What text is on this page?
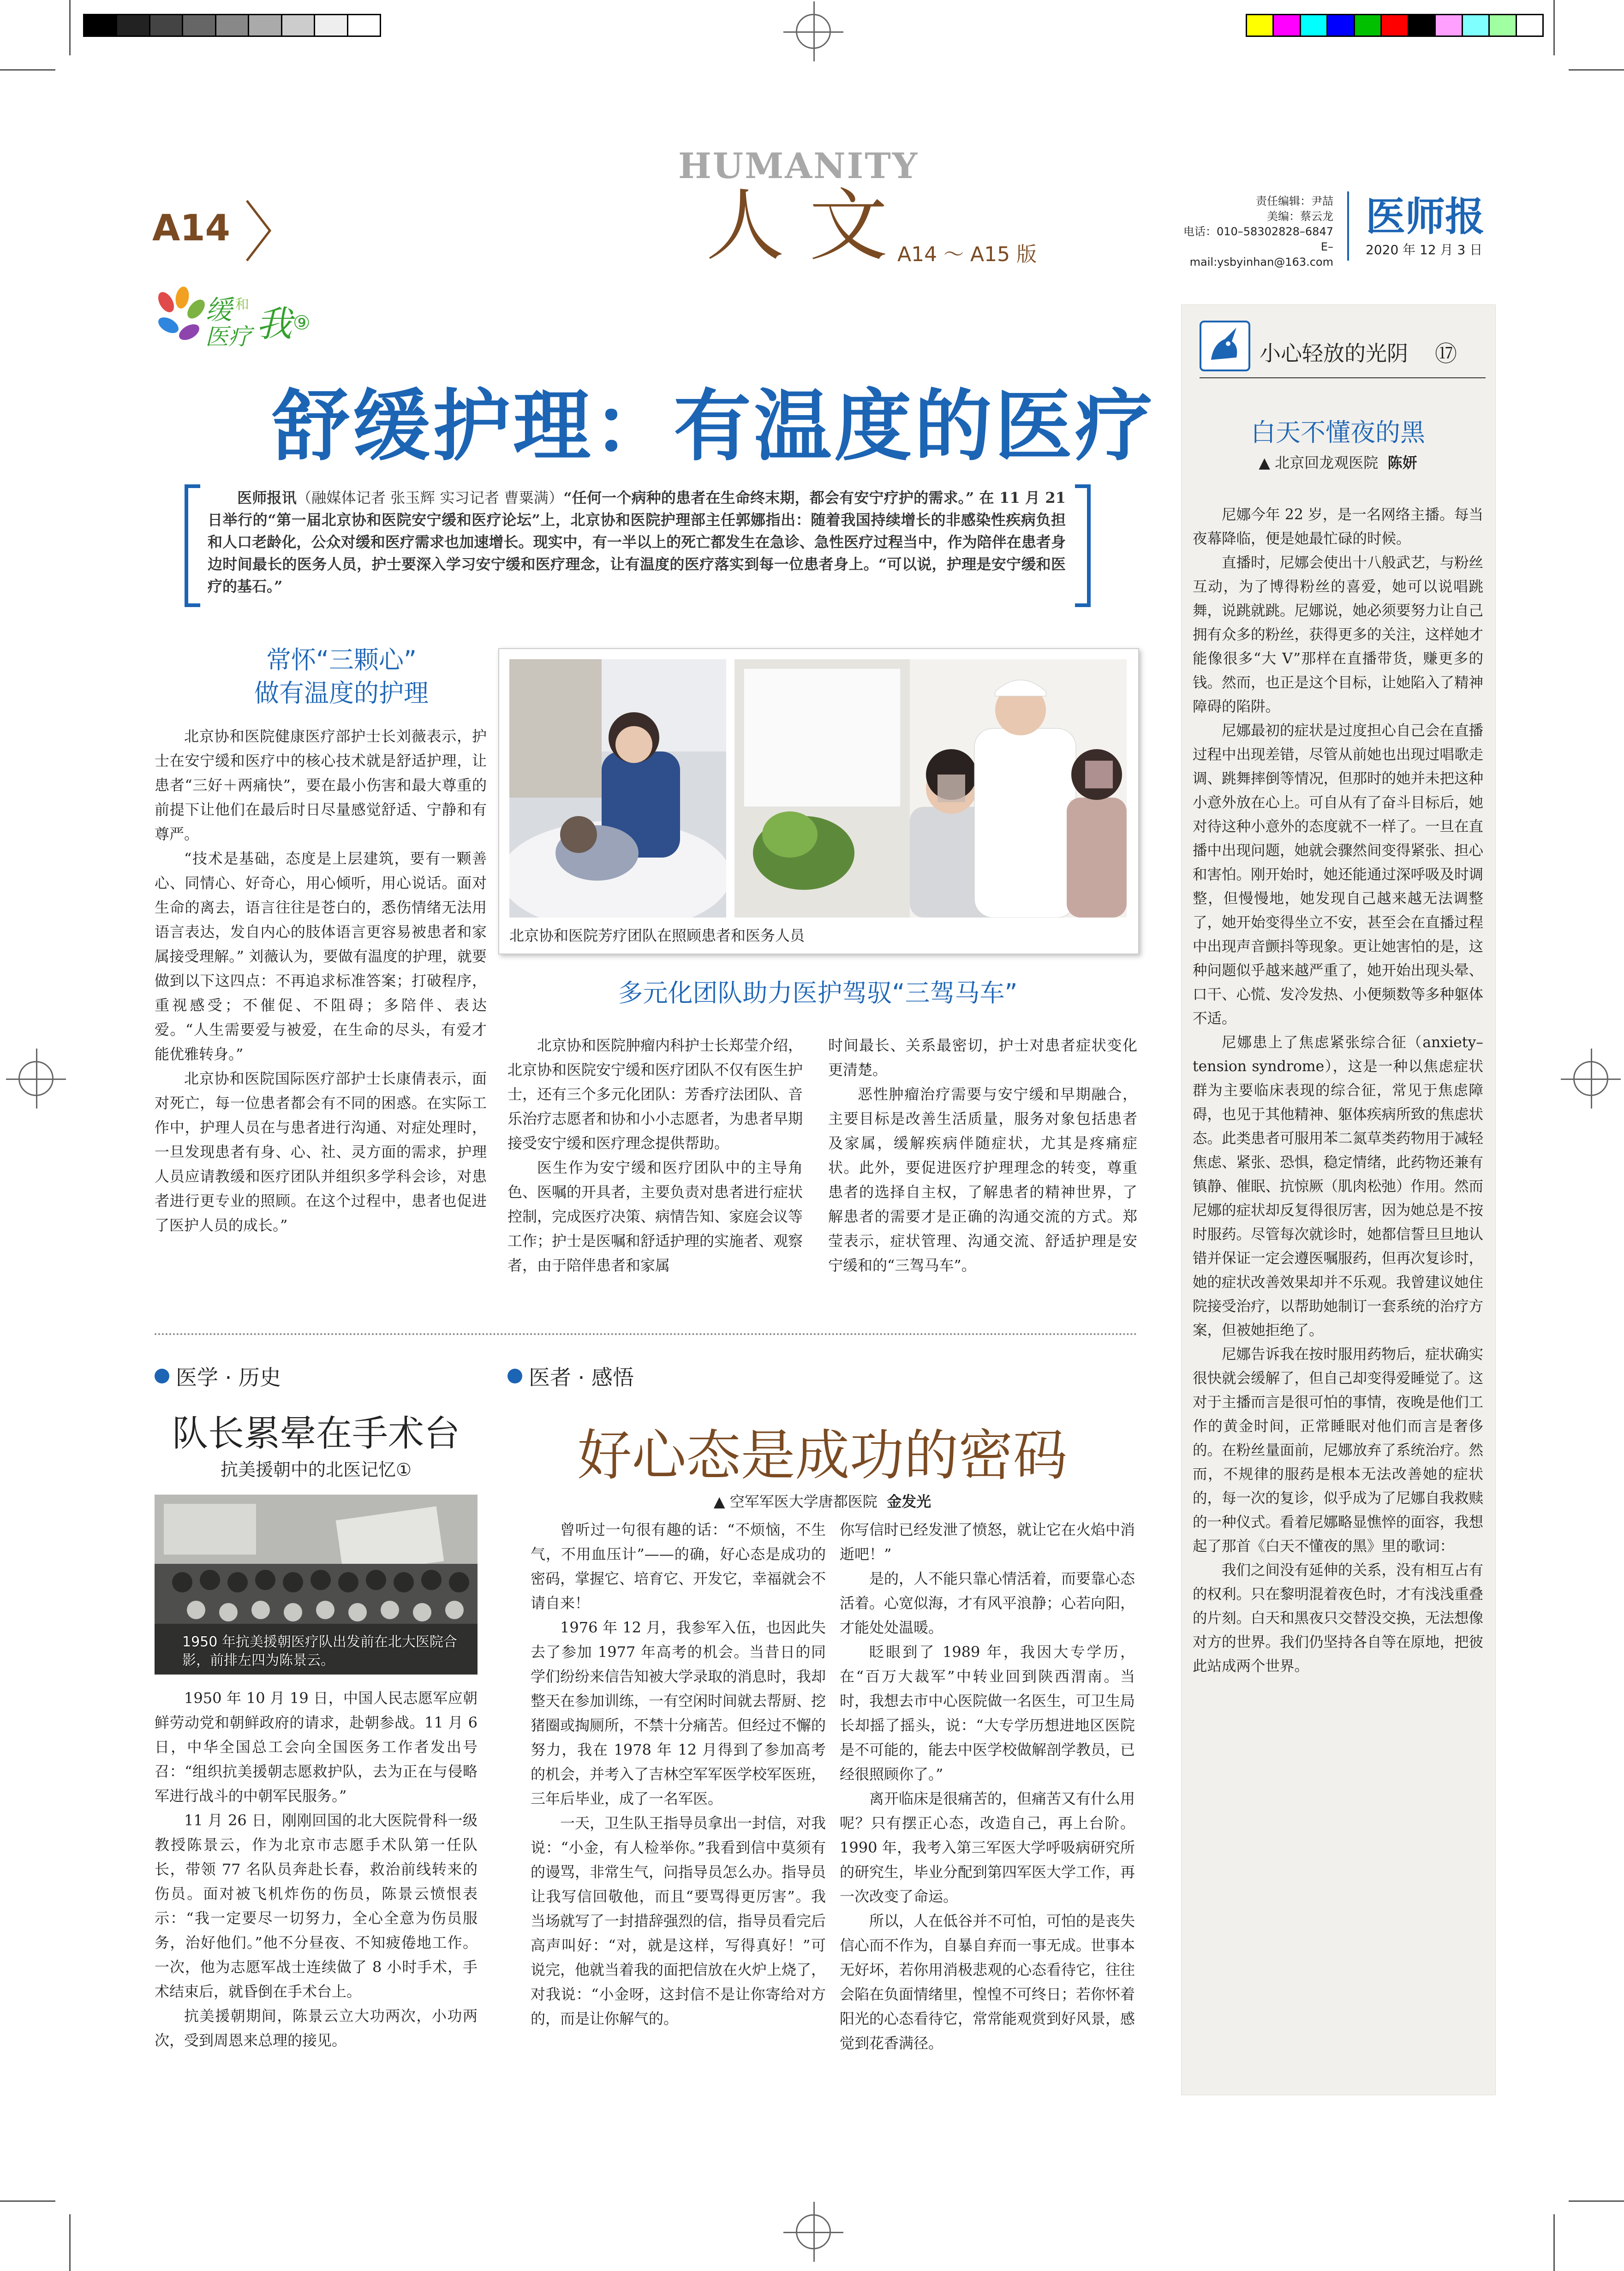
A14
HUMANITY
人 文 A14 ～ A15 版
责任编辑：尹喆
美编：蔡云龙
电话：010–58302828–6847
E–mail:ysbyinhan@163.com
医师报
2020 年 12 月 3 日
缓 和
医疗 我 ⑨
舒缓护理：有温度的医疗
医师报讯（融媒体记者 张玉辉 实习记者 曹粟满）“任何一个病种的患者在生命终末期，都会有安宁疗护的需求。” 在 11 月 21 日举行的“第一届北京协和医院安宁缓和医疗论坛”上，北京协和医院护理部主任郭娜指出：随着我国持续增长的非感染性疾病负担和人口老龄化，公众对缓和医疗需求也加速增长。现实中，有一半以上的死亡都发生在急诊、急性医疗过程当中，作为陪伴在患者身边时间最长的医务人员，护士要深入学习安宁缓和医疗理念，让有温度的医疗落实到每一位患者身上。“可以说，护理是安宁缓和医疗的基石。”
常怀“三颗心”
做有温度的护理

北京协和医院健康医疗部护士长刘薇表示，护士在安宁缓和医疗中的核心技术就是舒适护理，让患者“三好＋两痛快”，要在最小伤害和最大尊重的前提下让他们在最后时日尽量感觉舒适、宁静和有尊严。

“技术是基础，态度是上层建筑，要有一颗善心、同情心、好奇心，用心倾听，用心说话。面对生命的离去，语言往往是苍白的，悉伤情绪无法用语言表达，发自内心的肢体语言更容易被患者和家属接受理解。” 刘薇认为，要做有温度的护理，就要做到以下这四点：不再追求标准答案；打破程序，重视感受；不催促、不阻碍；多陪伴、表达爱。“人生需要爱与被爱，在生命的尽头，有爱才能优雅转身。”

北京协和医院国际医疗部护士长康倩表示，面对死亡，每一位患者都会有不同的困惑。在实际工作中，护理人员在与患者进行沟通、对症处理时，一旦发现患者有身、心、社、灵方面的需求，护理人员应请教缓和医疗团队并组织多学科会诊，对患者进行更专业的照顾。在这个过程中，患者也促进了医护人员的成长。”

北京协和医院芳疗团队在照顾患者和医务人员
多元化团队助力医护驾驭“三驾马车”

北京协和医院肿瘤内科护士长郑莹介绍，北京协和医院安宁缓和医疗团队不仅有医生护士，还有三个多元化团队：芳香疗法团队、音乐治疗志愿者和协和小小志愿者，为患者早期接受安宁缓和医疗理念提供帮助。

医生作为安宁缓和医疗团队中的主导角色、医嘱的开具者，主要负责对患者进行症状控制，完成医疗决策、病情告知、家庭会议等工作；护士是医嘱和舒适护理的实施者、观察者，由于陪伴患者和家属

时间最长、关系最密切，护士对患者症状变化更清楚。

恶性肿瘤治疗需要与安宁缓和早期融合，主要目标是改善生活质量，服务对象包括患者及家属，缓解疾病伴随症状，尤其是疼痛症状。此外，要促进医疗护理理念的转变，尊重患者的选择自主权，了解患者的精神世界，了解患者的需要才是正确的沟通交流的方式。郑莹表示，症状管理、沟通交流、舒适护理是安宁缓和的“三驾马车”。

小心轻放的光阴 ⑰
白天不懂夜的黑
▲ 北京回龙观医院 陈妍

尼娜今年 22 岁，是一名网络主播。每当夜幕降临，便是她最忙碌的时候。

直播时，尼娜会使出十八般武艺，与粉丝互动，为了博得粉丝的喜爱，她可以说唱跳舞，说跳就跳。尼娜说，她必须要努力让自己拥有众多的粉丝，获得更多的关注，这样她才能像很多“大 V”那样在直播带货，赚更多的钱。然而，也正是这个目标，让她陷入了精神障碍的陷阱。

尼娜最初的症状是过度担心自己会在直播过程中出现差错，尽管从前她也出现过唱歌走调、跳舞摔倒等情况，但那时的她并未把这种小意外放在心上。可自从有了奋斗目标后，她对待这种小意外的态度就不一样了。一旦在直播中出现问题，她就会骤然间变得紧张、担心和害怕。刚开始时，她还能通过深呼吸及时调整，但慢慢地，她发现自己越来越无法调整了，她开始变得坐立不安，甚至会在直播过程中出现声音颤抖等现象。更让她害怕的是，这种问题似乎越来越严重了，她开始出现头晕、口干、心慌、发冷发热、小便频数等多种躯体不适。

尼娜患上了焦虑紧张综合征（anxiety–tension syndrome），这是一种以焦虑症状群为主要临床表现的综合征，常见于焦虑障碍，也见于其他精神、躯体疾病所致的焦虑状态。此类患者可服用苯二氮草类药物用于减轻焦虑、紧张、恐惧，稳定情绪，此药物还兼有镇静、催眠、抗惊厥（肌肉松弛）作用。然而尼娜的症状却反复得很厉害，因为她总是不按时服药。尽管每次就诊时，她都信誓旦旦地认错并保证一定会遵医嘱服药，但再次复诊时，她的症状改善效果却并不乐观。我曾建议她住院接受治疗，以帮助她制订一套系统的治疗方案，但被她拒绝了。

尼娜告诉我在按时服用药物后，症状确实很快就会缓解了，但自己却变得爱睡觉了。这对于主播而言是很可怕的事情，夜晚是他们工作的黄金时间，正常睡眠对他们而言是奢侈的。在粉丝量面前，尼娜放弃了系统治疗。然而，不规律的服药是根本无法改善她的症状的，每一次的复诊，似乎成为了尼娜自我救赎的一种仪式。看着尼娜略显憔悴的面容，我想起了那首《白天不懂夜的黑》里的歌词：

我们之间没有延伸的关系，没有相互占有的权利。只在黎明混着夜色时，才有浅浅重叠的片刻。白天和黑夜只交替没交换，无法想像对方的世界。我们仍坚持各自等在原地，把彼此站成两个世界。

医学 · 历史
队长累晕在手术台
抗美援朝中的北医记忆①
1950 年抗美援朝医疗队出发前在北大医院合影，前排左四为陈景云。

1950 年 10 月 19 日，中国人民志愿军应朝鲜劳动党和朝鲜政府的请求，赴朝参战。11 月 6 日，中华全国总工会向全国医务工作者发出号召：“组织抗美援朝志愿救护队，去为正在与侵略军进行战斗的中朝军民服务。”

11 月 26 日，刚刚回国的北大医院骨科一级教授陈景云，作为北京市志愿手术队第一任队长，带领 77 名队员奔赴长春，救治前线转来的伤员。面对被飞机炸伤的伤员，陈景云愤恨表示：“我一定要尽一切努力，全心全意为伤员服务，治好他们。”他不分昼夜、不知疲倦地工作。一次，他为志愿军战士连续做了 8 小时手术，手术结束后，就昏倒在手术台上。

抗美援朝期间，陈景云立大功两次，小功两次，受到周恩来总理的接见。

医者 · 感悟
好心态是成功的密码
▲ 空军军医大学唐都医院 金发光

曾听过一句很有趣的话：“不烦恼，不生气，不用血压计”——的确，好心态是成功的密码，掌握它、培育它、开发它，幸福就会不请自来！

1976 年 12 月，我参军入伍，也因此失去了参加 1977 年高考的机会。当昔日的同学们纷纷来信告知被大学录取的消息时，我却整天在参加训练，一有空闲时间就去帮厨、挖猪圈或掏厕所，不禁十分痛苦。但经过不懈的努力，我在 1978 年 12 月得到了参加高考的机会，并考入了吉林空军军医学校军医班，三年后毕业，成了一名军医。

一天，卫生队王指导员拿出一封信，对我说：“小金，有人检举你。”我看到信中莫须有的谩骂，非常生气，问指导员怎么办。指导员让我写信回敬他，而且“要骂得更厉害”。我当场就写了一封措辞强烈的信，指导员看完后高声叫好：“对，就是这样，写得真好！”可说完，他就当着我的面把信放在火炉上烧了，对我说：“小金呀，这封信不是让你寄给对方的，而是让你解气的。

你写信时已经发泄了愤怒，就让它在火焰中消逝吧！”

是的，人不能只靠心情活着，而要靠心态活着。心宽似海，才有风平浪静；心若向阳，才能处处温暖。

眨眼到了 1989 年，我因大专学历，在“百万大裁军”中转业回到陕西渭南。当时，我想去市中心医院做一名医生，可卫生局长却摇了摇头，说：“大专学历想进地区医院是不可能的，能去中医学校做解剖学教员，已经很照顾你了。”

离开临床是很痛苦的，但痛苦又有什么用呢？只有摆正心态，改造自己，再上台阶。1990 年，我考入第三军医大学呼吸病研究所的研究生，毕业分配到第四军医大学工作，再一次改变了命运。

所以，人在低谷并不可怕，可怕的是丧失信心而不作为，自暴自弃而一事无成。世事本无好坏，若你用消极悲观的心态看待它，往往会陷在负面情绪里，惶惶不可终日；若你怀着阳光的心态看待它，常常能观赏到好风景，感觉到花香满径。
